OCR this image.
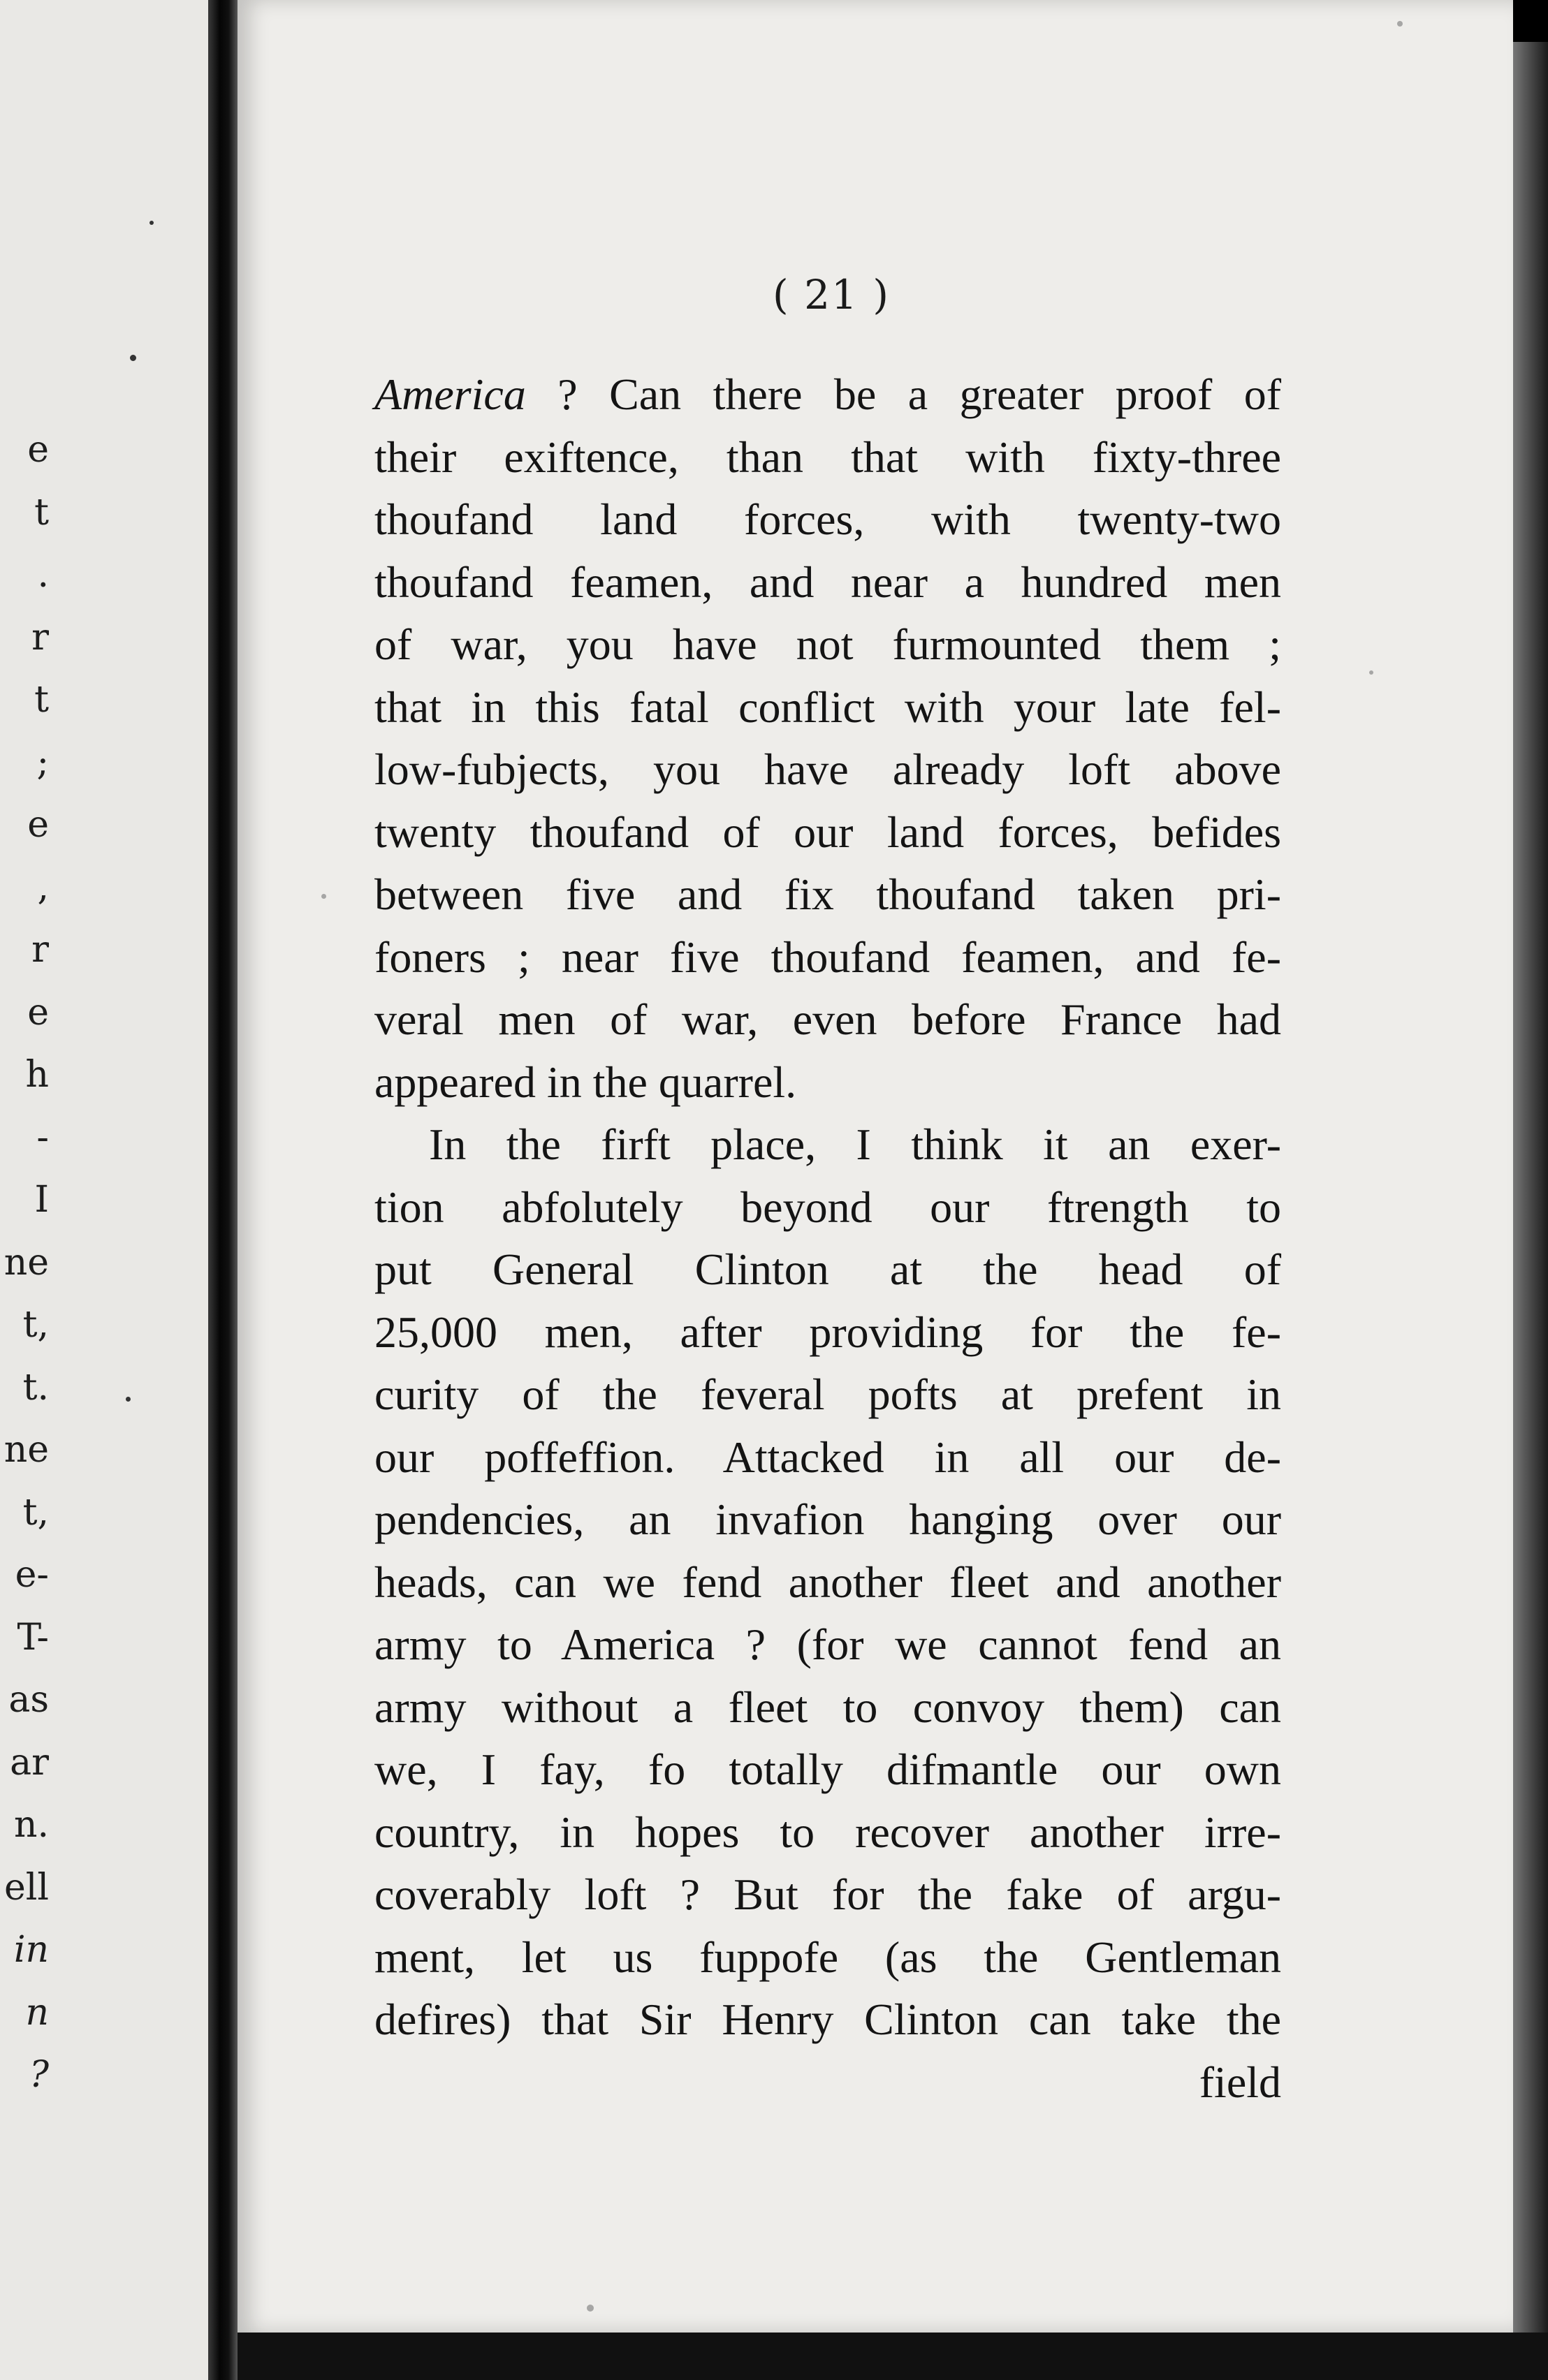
e
t
.
r
t
;
e
,
r
e
h
-
I
ne
t,
t.
ne
t,
e-
T-
as
ar
n.
ell
in
n ?
( 21 )
America ? Can there be a greater proof of
their exiftence, than that with fixty-three
thoufand land forces, with twenty-two
thoufand feamen, and near a hundred men
of war, you have not furmounted them ;
that in this fatal conflict with your late fel-
low-fubjects, you have already loft above
twenty thoufand of our land forces, befides
between five and fix thoufand taken pri-
foners ; near five thoufand feamen, and fe-
veral men of war, even before France had
appeared in the quarrel.
In the firft place, I think it an exer-
tion abfolutely beyond our ftrength to
put General Clinton at the head of
25,000 men, after providing for the fe-
curity of the feveral pofts at prefent in
our poffeffion. Attacked in all our de-
pendencies, an invafion hanging over our
heads, can we fend another fleet and another
army to America ? (for we cannot fend an
army without a fleet to convoy them) can
we, I fay, fo totally difmantle our own
country, in hopes to recover another irre-
coverably loft ? But for the fake of argu-
ment, let us fuppofe (as the Gentleman
defires) that Sir Henry Clinton can take the
field
